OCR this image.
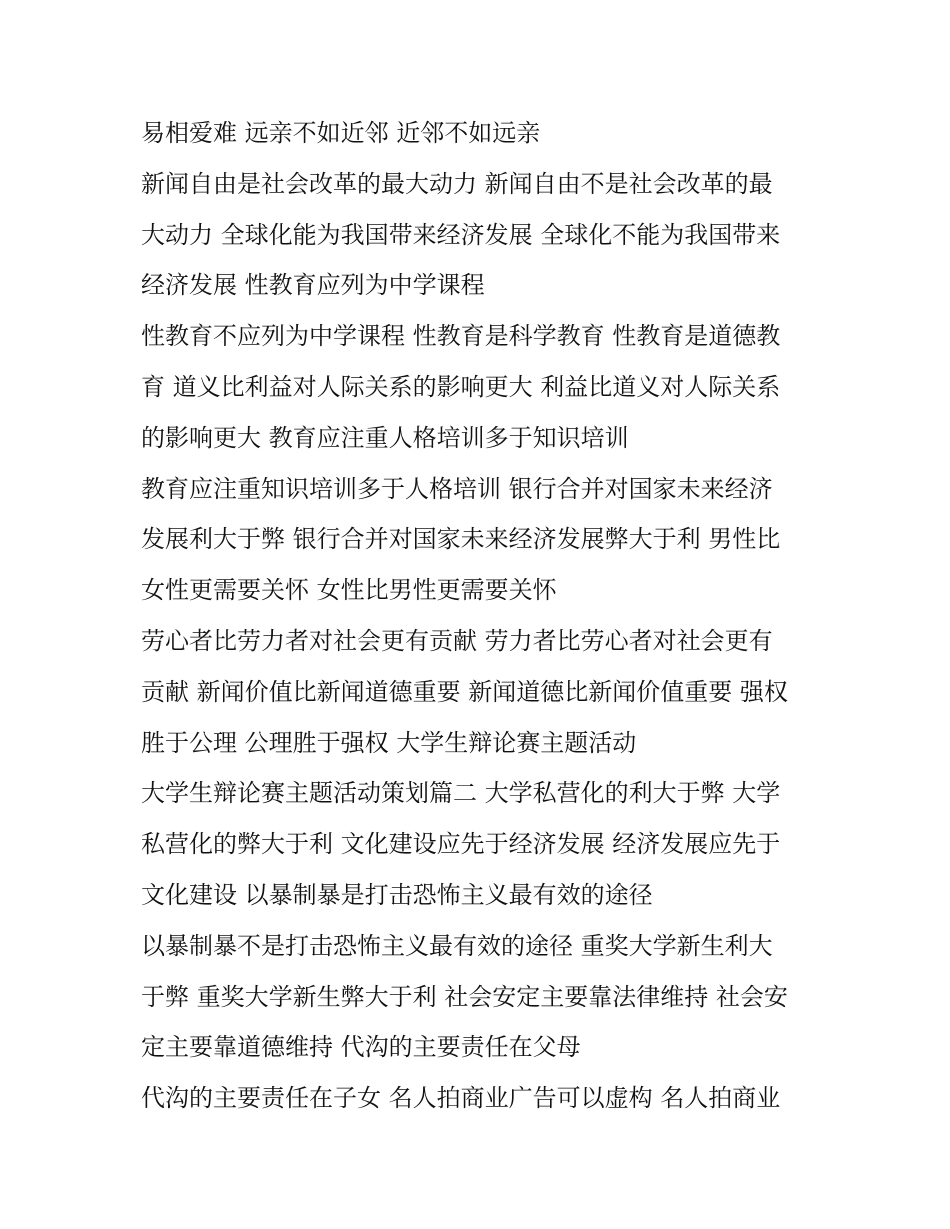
易相爱难 远亲不如近邻 近邻不如远亲
新闻自由是社会改革的最大动力 新闻自由不是社会改革的最
大动力 全球化能为我国带来经济发展 全球化不能为我国带来
经济发展 性教育应列为中学课程
性教育不应列为中学课程 性教育是科学教育 性教育是道德教
育 道义比利益对人际关系的影响更大 利益比道义对人际关系
的影响更大 教育应注重人格培训多于知识培训
教育应注重知识培训多于人格培训 银行合并对国家未来经济
发展利大于弊 银行合并对国家未来经济发展弊大于利 男性比
女性更需要关怀 女性比男性更需要关怀
劳心者比劳力者对社会更有贡献 劳力者比劳心者对社会更有
贡献 新闻价值比新闻道德重要 新闻道德比新闻价值重要 强权
胜于公理 公理胜于强权 大学生辩论赛主题活动
大学生辩论赛主题活动策划篇二 大学私营化的利大于弊 大学
私营化的弊大于利 文化建设应先于经济发展 经济发展应先于
文化建设 以暴制暴是打击恐怖主义最有效的途径
以暴制暴不是打击恐怖主义最有效的途径 重奖大学新生利大
于弊 重奖大学新生弊大于利 社会安定主要靠法律维持 社会安
定主要靠道德维持 代沟的主要责任在父母
代沟的主要责任在子女 名人拍商业广告可以虚构 名人拍商业
